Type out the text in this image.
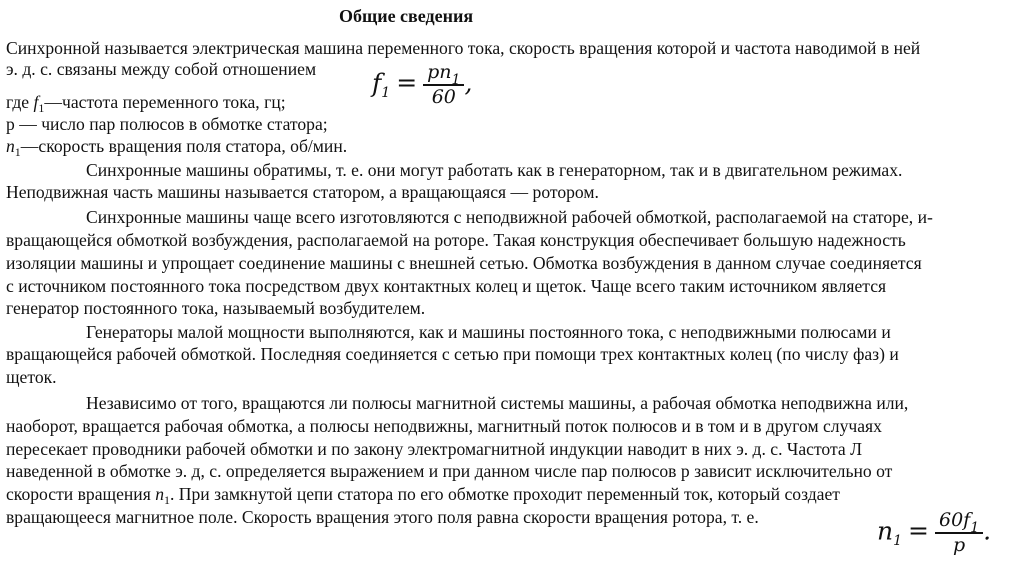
Общие сведения
Синхронной называется электрическая машина переменного тока, скорость вращения которой и частота наводимой в ней
э. д. с. связаны между собой отношением
где $f_1—частота$ переменного тока, гц;
р — число пар полюсов в обмотке статора;
$n_1—скорость$ вращения поля статора, об/мин.
Синхронные машины обратимы, т. е. они могут работать как в генераторном, так и в двигательном режимах.
Неподвижная часть машины называется статором, а вращающаяся — ротором.
Синхронные машины чаще всего изготовляются с неподвижной рабочей обмоткой, располагаемой на статоре, и-
вращающейся обмоткой возбуждения, располагаемой на роторе. Такая конструкция обеспечивает большую надежность
изоляции машины и упрощает соединение машины с внешней сетью. Обмотка возбуждения в данном случае соединяется
с источником постоянного тока посредством двух контактных колец и щеток. Чаще всего таким источником является
генератор постоянного тока, называемый возбудителем.
Генераторы малой мощности выполняются, как и машины постоянного тока, с неподвижными полюсами и
вращающейся рабочей обмоткой. Последняя соединяется с сетью при помощи трех контактных колец (по числу фаз) и
щеток.
Независимо от того, вращаются ли полюсы магнитной системы машины, а рабочая обмотка неподвижна или,
наоборот, вращается рабочая обмотка, а полюсы неподвижны, магнитный поток полюсов и в том и в другом случаях
пересекает проводники рабочей обмотки и по закону электромагнитной индукции наводит в них э. д. с. Частота Л
наведенной в обмотке э. д, с. определяется выражением и при данном числе пар полюсов р зависит исключительно от
скорости вращения $n_1$. При замкнутой цепи статора по его обмотке проходит переменный ток, который создает
вращающееся магнитное поле. Скорость вращения этого поля равна скорости вращения ротора, т. е.
$f_1 = \frac{pn_1}{60}$ ,
$n_1 = \frac{60f_1}{p}$ .
